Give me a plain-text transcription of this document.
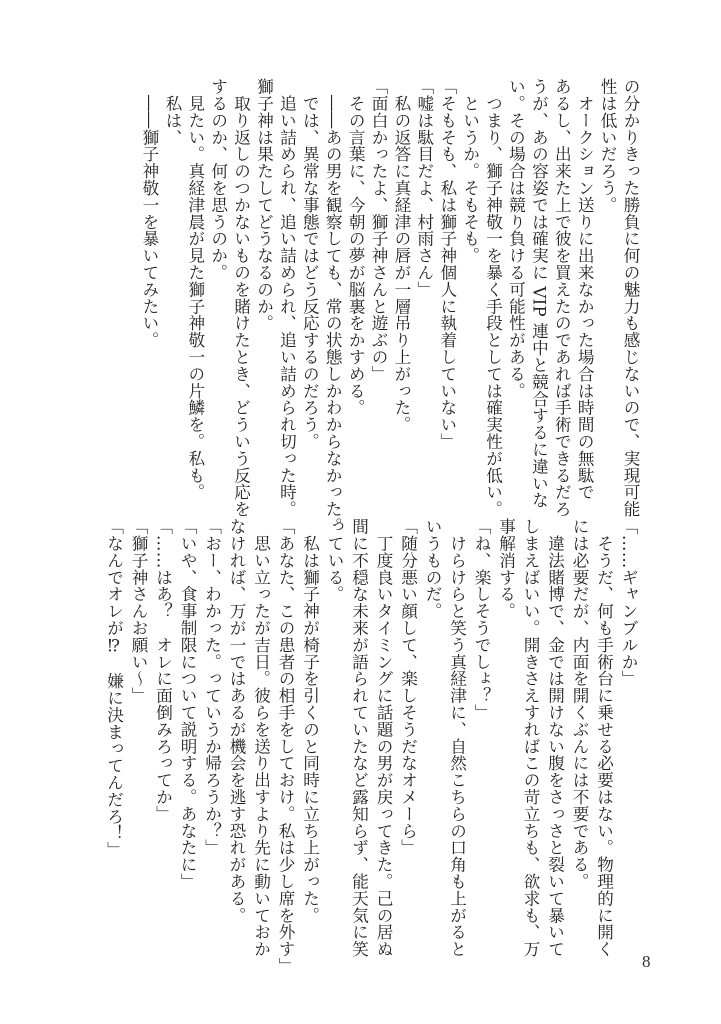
の分かりきった勝負に何の魅力も感じないので、実現可能
性は低いだろう。
　オークション送りに出来なかった場合は時間の無駄で
あるし、出来た上で彼を買えたのであれば手術できるだろ
うが、あの容姿では確実に VIP 連中と競合するに違いな
い。その場合は競り負ける可能性がある。
　つまり、獅子神敬一を暴く手段としては確実性が低い。
　というか。そもそも。
「そもそも、私は獅子神個人に執着していない」
「嘘は駄目だよ、村雨さん」
　私の返答に真経津の唇が一層吊り上がった。
「面白かったよ、獅子神さんと遊ぶの」
　その言葉に、今朝の夢が脳裏をかすめる。
　――あの男を観察しても、常の状態しかわからなかった。
　では、異常な事態ではどう反応するのだろう。
　追い詰められ、追い詰められ、追い詰められ切った時。
獅子神は果たしてどうなるのか。
　取り返しのつかないものを賭けたとき、どういう反応を
するのか、何を思うのか。
　見たい。真経津晨が見た獅子神敬一の片鱗を。私も。
　私は、
　――獅子神敬一を暴いてみたい。
「……ギャンブルか」
　そうだ、何も手術台に乗せる必要はない。物理的に開く
には必要だが、内面を開くぶんには不要である。
　違法賭博で、金では開けない腹をさっさと裂いて暴いて
しまえばいい。開きさえすればこの苛立ちも、欲求も、万
事解消する。
「ね、楽しそうでしょ？」
　けらけらと笑う真経津に、自然こちらの口角も上がると
いうものだ。
「随分悪い顔して、楽しそうだなオメーら」
　丁度良いタイミングに話題の男が戻ってきた。己の居ぬ
間に不穏な未来が語られていたなど露知らず、能天気に笑
っている。
　私は獅子神が椅子を引くのと同時に立ち上がった。
「あなた、この患者の相手をしておけ。私は少し席を外す」
　思い立ったが吉日。彼らを送り出すより先に動いておか
なければ、万が一ではあるが機会を逃す恐れがある。
「おー、わかった。っていうか帰ろうか？」
「いや、食事制限について説明する。あなたに」
「……はあ？　オレに面倒みろってか」
「獅子神さんお願い～」
「なんでオレが⁉　嫌に決まってんだろ！」
8
